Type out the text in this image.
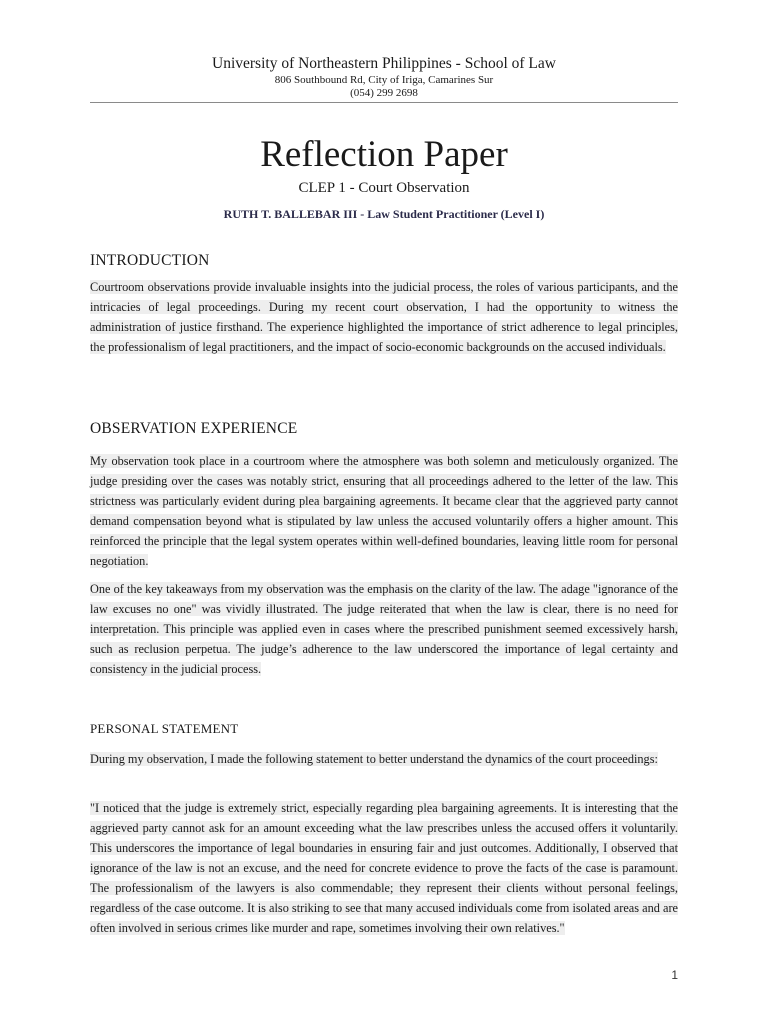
University of Northeastern Philippines - School of Law
806 Southbound Rd, City of Iriga, Camarines Sur
(054) 299 2698
Reflection Paper
CLEP 1 - Court Observation
RUTH T. BALLEBAR III - Law Student Practitioner (Level I)
INTRODUCTION

Courtroom observations provide invaluable insights into the judicial process, the roles of various participants, and the intricacies of legal proceedings. During my recent court observation, I had the opportunity to witness the administration of justice firsthand. The experience highlighted the importance of strict adherence to legal principles, the professionalism of legal practitioners, and the impact of socio-economic backgrounds on the accused individuals.

OBSERVATION EXPERIENCE

My observation took place in a courtroom where the atmosphere was both solemn and meticulously organized. The judge presiding over the cases was notably strict, ensuring that all proceedings adhered to the letter of the law. This strictness was particularly evident during plea bargaining agreements. It became clear that the aggrieved party cannot demand compensation beyond what is stipulated by law unless the accused voluntarily offers a higher amount. This reinforced the principle that the legal system operates within well-defined boundaries, leaving little room for personal negotiation.

One of the key takeaways from my observation was the emphasis on the clarity of the law. The adage "ignorance of the law excuses no one" was vividly illustrated. The judge reiterated that when the law is clear, there is no need for interpretation. This principle was applied even in cases where the prescribed punishment seemed excessively harsh, such as reclusion perpetua. The judge’s adherence to the law underscored the importance of legal certainty and consistency in the judicial process.

PERSONAL STATEMENT

During my observation, I made the following statement to better understand the dynamics of the court proceedings:

"I noticed that the judge is extremely strict, especially regarding plea bargaining agreements. It is interesting that the aggrieved party cannot ask for an amount exceeding what the law prescribes unless the accused offers it voluntarily. This underscores the importance of legal boundaries in ensuring fair and just outcomes. Additionally, I observed that ignorance of the law is not an excuse, and the need for concrete evidence to prove the facts of the case is paramount. The professionalism of the lawyers is also commendable; they represent their clients without personal feelings, regardless of the case outcome. It is also striking to see that many accused individuals come from isolated areas and are often involved in serious crimes like murder and rape, sometimes involving their own relatives."

1
